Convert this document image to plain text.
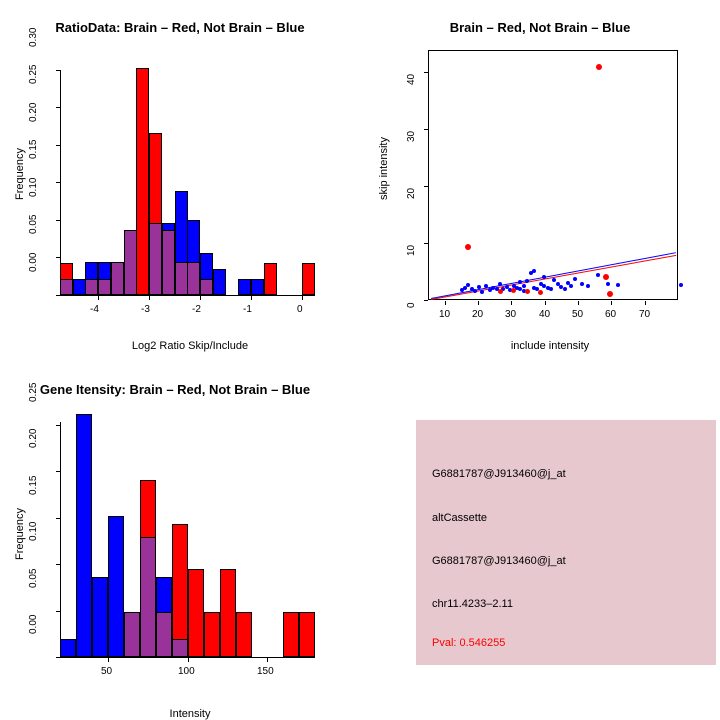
RatioData: Brain – Red, Not Brain – Blue
Frequency
Log2 Ratio Skip/Include
0.00
0.05
0.10
0.15
0.20
0.25
0.30
-4	-3	-2	-1	0
Brain – Red, Not Brain – Blue
skip intensity
include intensity
0
10
20
30
40
10 20 30 40 50 60 70
Gene Itensity: Brain – Red, Not Brain – Blue
Frequency
Intensity
0.00
0.05
0.10
0.15
0.20
0.25
50	100	150
G6881787@J913460@j_at
altCassette
G6881787@J913460@j_at
chr11.4233–2.11
Pval: 0.546255
